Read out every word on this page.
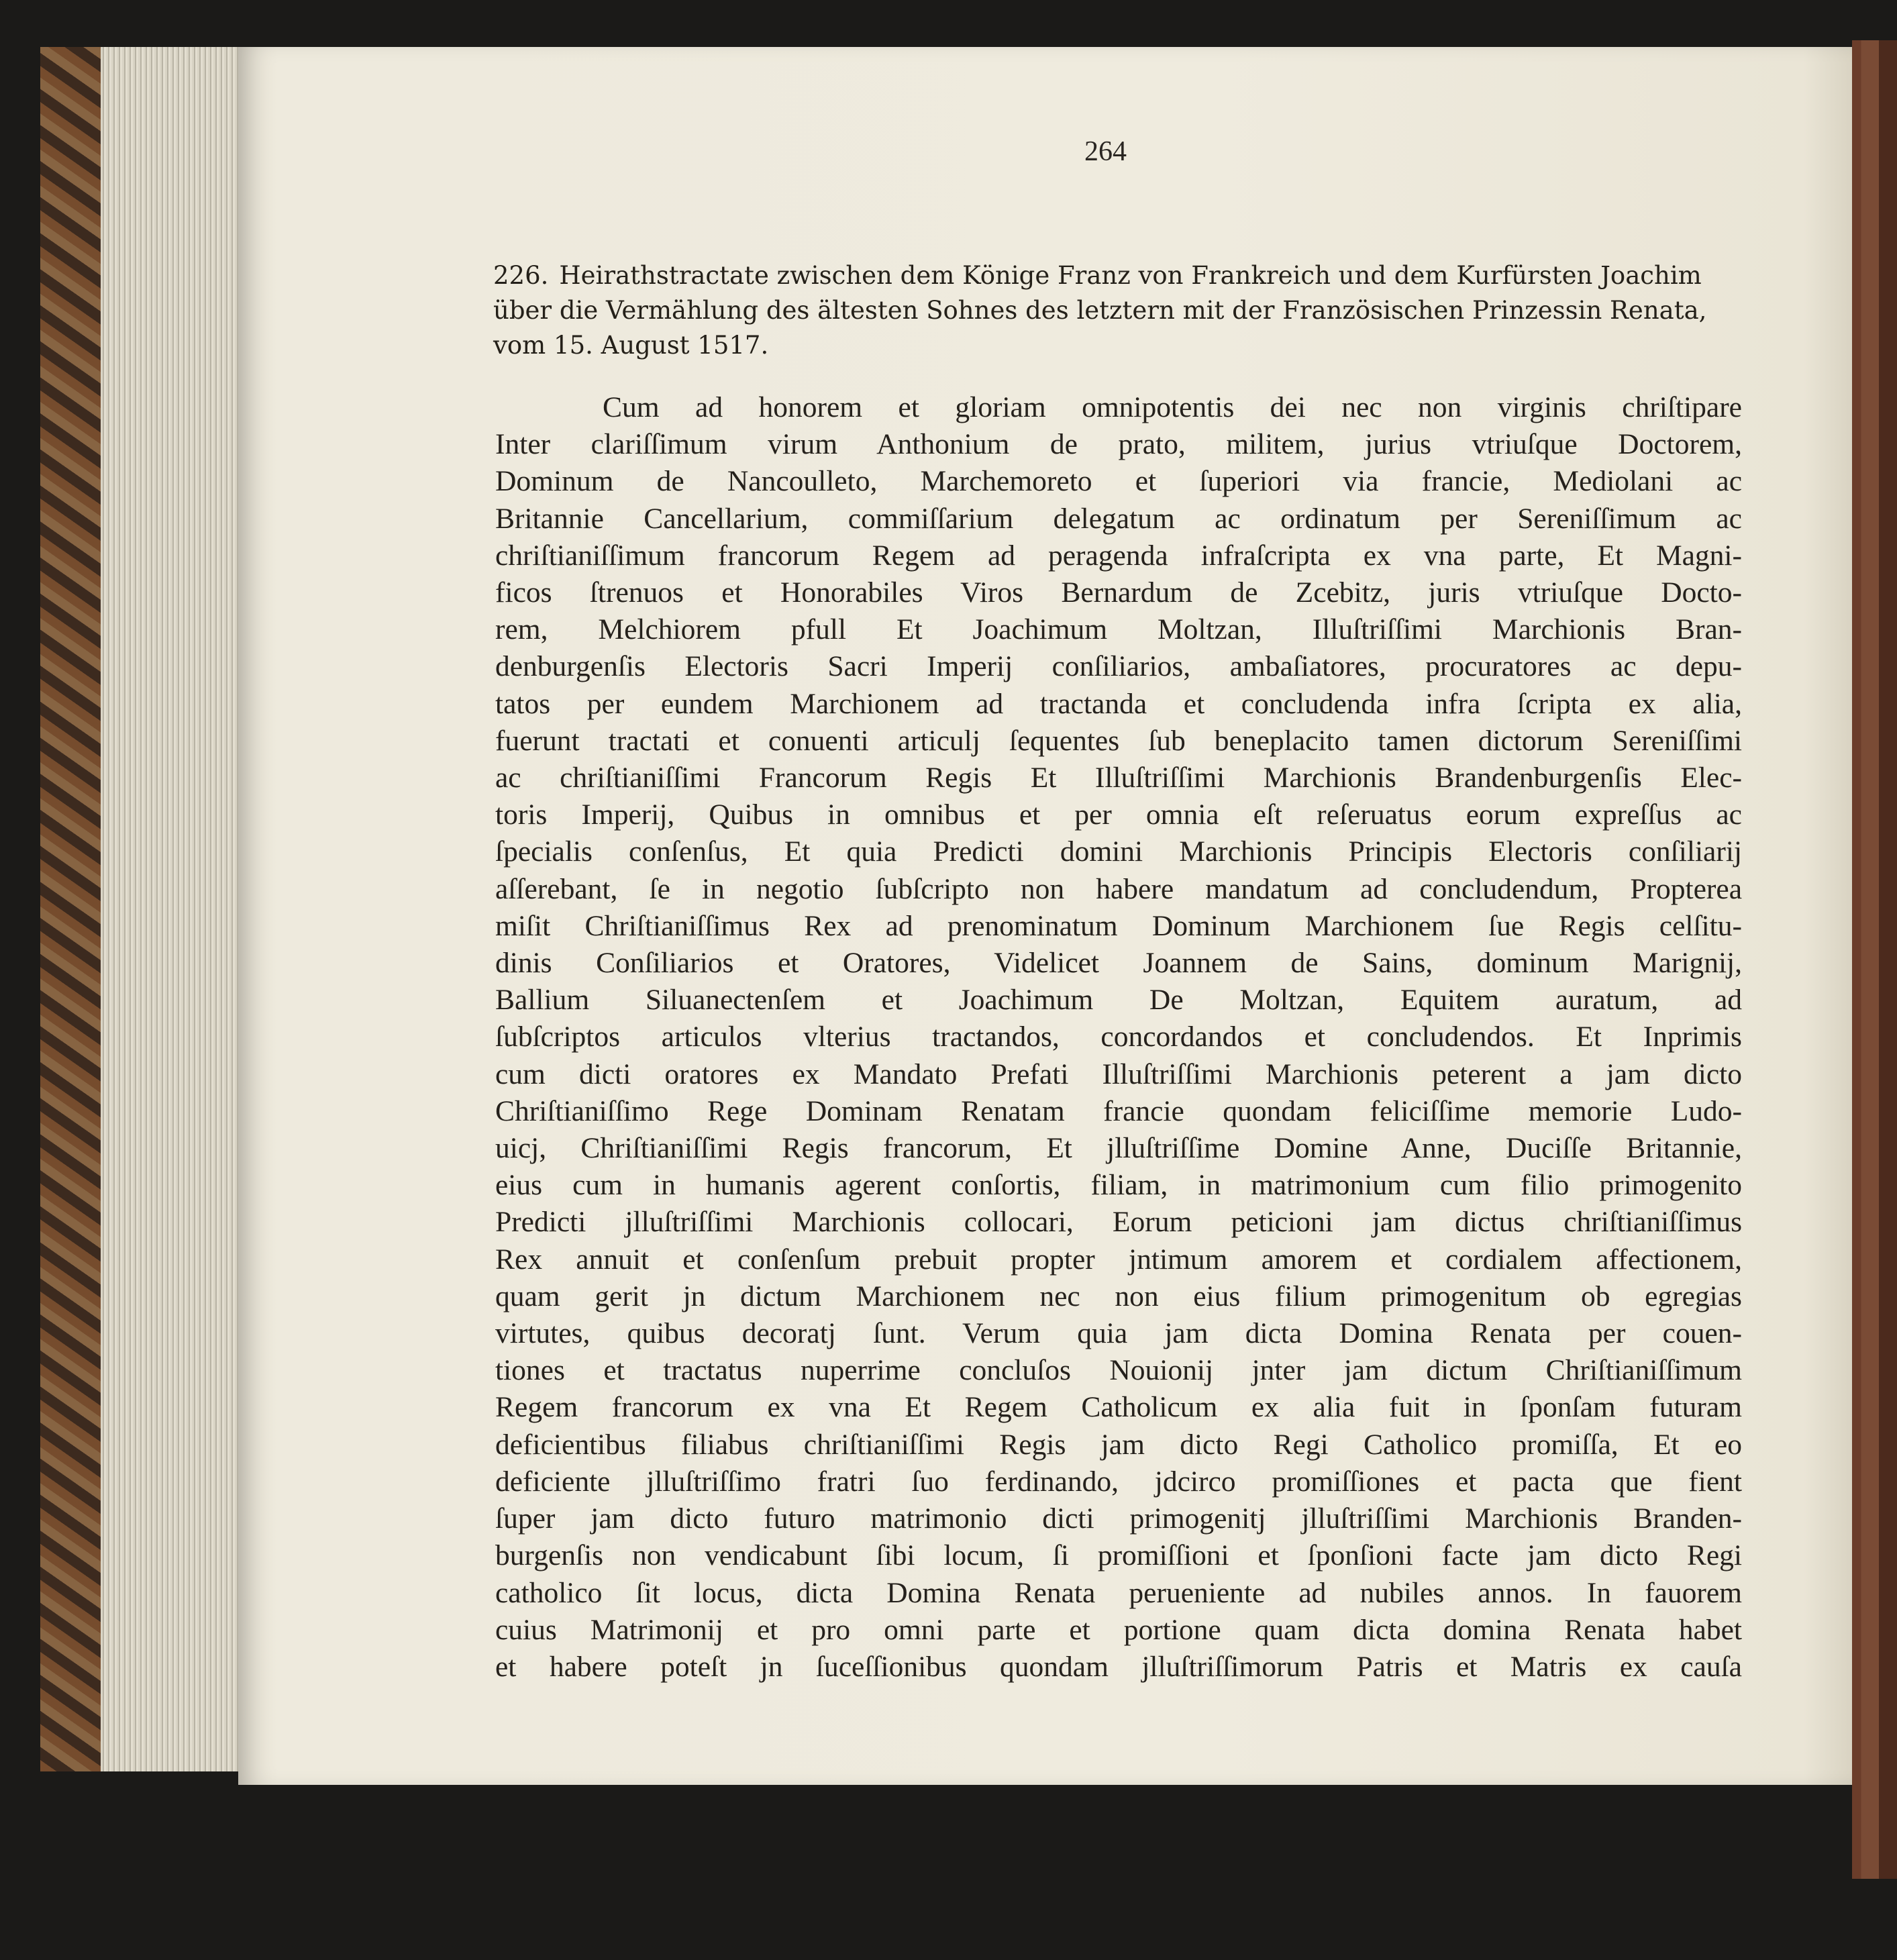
264
226. Heirathstractate zwischen dem Könige Franz von Frankreich und dem Kurfürsten Joachim
über die Vermählung des ältesten Sohnes des letztern mit der Französischen Prinzessin Renata,
vom 15. August 1517.
Cum ad honorem et gloriam omnipotentis dei nec non virginis chriſtipare
Inter clariſſimum virum Anthonium de prato, militem, jurius vtriuſque Doctorem,
Dominum de Nancoulleto, Marchemoreto et ſuperiori via francie, Mediolani ac
Britannie Cancellarium, commiſſarium delegatum ac ordinatum per Sereniſſimum ac
chriſtianiſſimum francorum Regem ad peragenda infraſcripta ex vna parte, Et Magni-
ficos ſtrenuos et Honorabiles Viros Bernardum de Zcebitz, juris vtriuſque Docto-
rem, Melchiorem pfull Et Joachimum Moltzan, Illuſtriſſimi Marchionis Bran-
denburgenſis Electoris Sacri Imperij conſiliarios, ambaſiatores, procuratores ac depu-
tatos per eundem Marchionem ad tractanda et concludenda infra ſcripta ex alia,
fuerunt tractati et conuenti articulj ſequentes ſub beneplacito tamen dictorum Sereniſſimi
ac chriſtianiſſimi Francorum Regis Et Illuſtriſſimi Marchionis Brandenburgenſis Elec-
toris Imperij, Quibus in omnibus et per omnia eſt reſeruatus eorum expreſſus ac
ſpecialis conſenſus, Et quia Predicti domini Marchionis Principis Electoris conſiliarij
aſſerebant, ſe in negotio ſubſcripto non habere mandatum ad concludendum, Propterea
miſit Chriſtianiſſimus Rex ad prenominatum Dominum Marchionem ſue Regis celſitu-
dinis Conſiliarios et Oratores, Videlicet Joannem de Sains, dominum Marignij,
Ballium Siluanectenſem et Joachimum De Moltzan, Equitem auratum, ad
ſubſcriptos articulos vlterius tractandos, concordandos et concludendos. Et Inprimis
cum dicti oratores ex Mandato Prefati Illuſtriſſimi Marchionis peterent a jam dicto
Chriſtianiſſimo Rege Dominam Renatam francie quondam feliciſſime memorie Ludo-
uicj, Chriſtianiſſimi Regis francorum, Et jlluſtriſſime Domine Anne, Duciſſe Britannie,
eius cum in humanis agerent conſortis, filiam, in matrimonium cum filio primogenito
Predicti jlluſtriſſimi Marchionis collocari, Eorum peticioni jam dictus chriſtianiſſimus
Rex annuit et conſenſum prebuit propter jntimum amorem et cordialem affectionem,
quam gerit jn dictum Marchionem nec non eius filium primogenitum ob egregias
virtutes, quibus decoratj ſunt. Verum quia jam dicta Domina Renata per couen-
tiones et tractatus nuperrime concluſos Nouionij jnter jam dictum Chriſtianiſſimum
Regem francorum ex vna Et Regem Catholicum ex alia fuit in ſponſam futuram
deficientibus filiabus chriſtianiſſimi Regis jam dicto Regi Catholico promiſſa, Et eo
deficiente jlluſtriſſimo fratri ſuo ferdinando, jdcirco promiſſiones et pacta que fient
ſuper jam dicto futuro matrimonio dicti primogenitj jlluſtriſſimi Marchionis Branden-
burgenſis non vendicabunt ſibi locum, ſi promiſſioni et ſponſioni facte jam dicto Regi
catholico ſit locus, dicta Domina Renata perueniente ad nubiles annos. In fauorem
cuius Matrimonij et pro omni parte et portione quam dicta domina Renata habet
et habere poteſt jn ſuceſſionibus quondam jlluſtriſſimorum Patris et Matris ex cauſa
